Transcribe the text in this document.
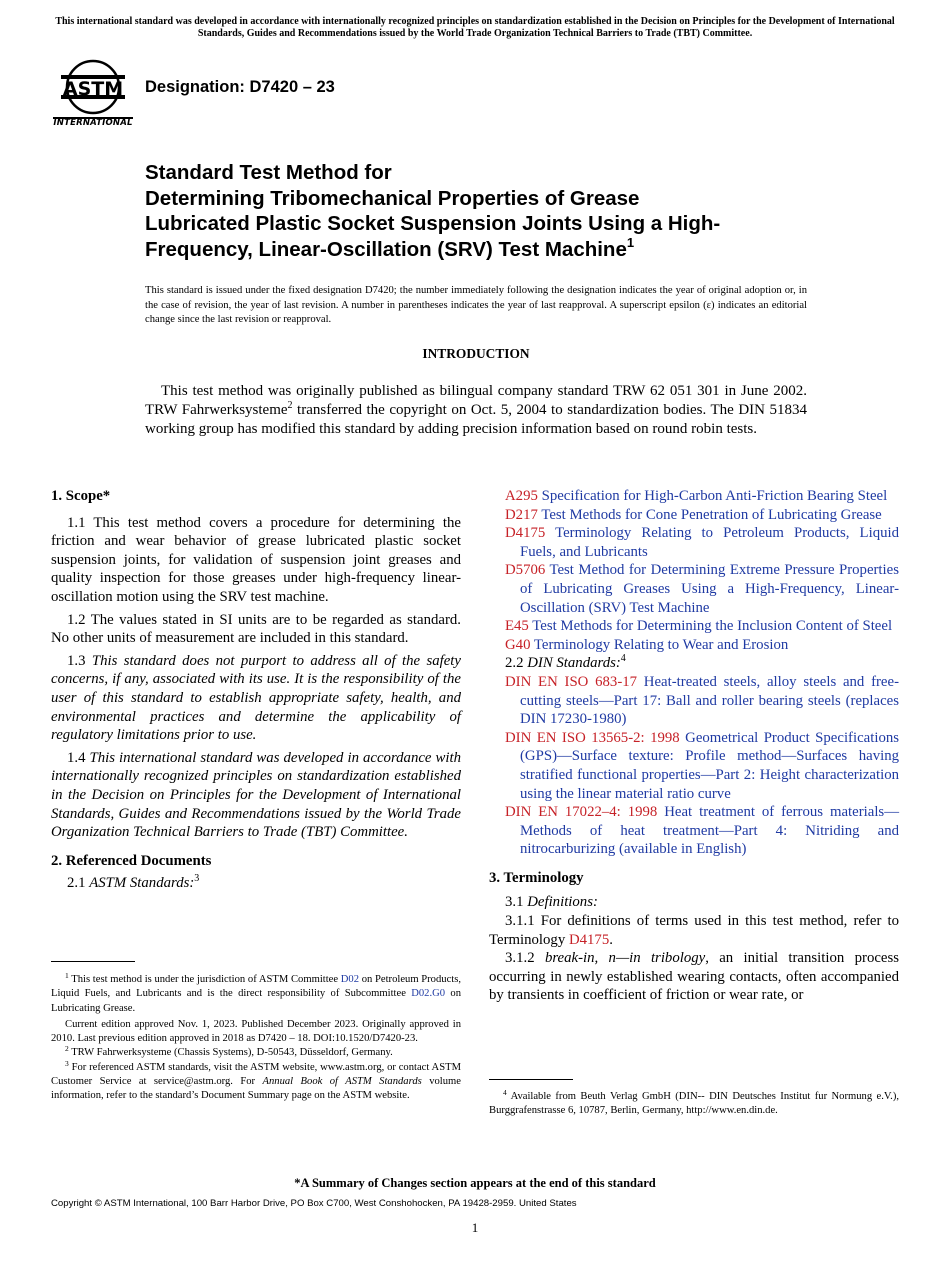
This international standard was developed in accordance with internationally recognized principles on standardization established in the Decision on Principles for the Development of International Standards, Guides and Recommendations issued by the World Trade Organization Technical Barriers to Trade (TBT) Committee.
ASTM
INTERNATIONAL
Designation: D7420 – 23
Standard Test Method for
Determining Tribomechanical Properties of Grease
Lubricated Plastic Socket Suspension Joints Using a High-
Frequency, Linear-Oscillation (SRV) Test Machine$^1$
This standard is issued under the fixed designation D7420; the number immediately following the designation indicates the year of original adoption or, in the case of revision, the year of last revision. A number in parentheses indicates the year of last reapproval. A superscript epsilon (ε) indicates an editorial change since the last revision or reapproval.
INTRODUCTION
This test method was originally published as bilingual company standard TRW 62 051 301 in June 2002. TRW Fahrwerksysteme$^2$ transferred the copyright on Oct. 5, 2004 to standardization bodies. The DIN 51834 working group has modified this standard by adding precision information based on round robin tests.
1. Scope*

1.1 This test method covers a procedure for determining the friction and wear behavior of grease lubricated plastic socket suspension joints, for validation of suspension joint greases and quality inspection for those greases under high-frequency linear-oscillation motion using the SRV test machine.

1.2 The values stated in SI units are to be regarded as standard. No other units of measurement are included in this standard.

1.3 This standard does not purport to address all of the safety concerns, if any, associated with its use. It is the responsibility of the user of this standard to establish appropriate safety, health, and environmental practices and determine the applicability of regulatory limitations prior to use.

1.4 This international standard was developed in accordance with internationally recognized principles on standardization established in the Decision on Principles for the Development of International Standards, Guides and Recommendations issued by the World Trade Organization Technical Barriers to Trade (TBT) Committee.

2. Referenced Documents

2.1 ASTM Standards:$^3$

$^1$ This test method is under the jurisdiction of ASTM Committee D02 on Petroleum Products, Liquid Fuels, and Lubricants and is the direct responsibility of Subcommittee D02.G0 on Lubricating Grease.

Current edition approved Nov. 1, 2023. Published December 2023. Originally approved in 2010. Last previous edition approved in 2018 as D7420 – 18. DOI:10.1520/D7420-23.

$^2$ TRW Fahrwerksysteme (Chassis Systems), D-50543, Düsseldorf, Germany.

$^3$ For referenced ASTM standards, visit the ASTM website, www.astm.org, or contact ASTM Customer Service at service@astm.org. For Annual Book of ASTM Standards volume information, refer to the standard’s Document Summary page on the ASTM website.

A295 Specification for High-Carbon Anti-Friction Bearing Steel

D217 Test Methods for Cone Penetration of Lubricating Grease

D4175 Terminology Relating to Petroleum Products, Liquid Fuels, and Lubricants

D5706 Test Method for Determining Extreme Pressure Properties of Lubricating Greases Using a High-Frequency, Linear-Oscillation (SRV) Test Machine

E45 Test Methods for Determining the Inclusion Content of Steel

G40 Terminology Relating to Wear and Erosion

2.2 DIN Standards:$^4$

DIN EN ISO 683-17 Heat-treated steels, alloy steels and free-cutting steels—Part 17: Ball and roller bearing steels (replaces DIN 17230-1980)

DIN EN ISO 13565-2: 1998 Geometrical Product Specifications (GPS)—Surface texture: Profile method—Surfaces having stratified functional properties—Part 2: Height characterization using the linear material ratio curve

DIN EN 17022–4: 1998 Heat treatment of ferrous materials—Methods of heat treatment—Part 4: Nitriding and nitrocarburizing (available in English)

3. Terminology

3.1 Definitions:

3.1.1 For definitions of terms used in this test method, refer to Terminology D4175.

3.1.2 break-in, n—in tribology, an initial transition process occurring in newly established wearing contacts, often accompanied by transients in coefficient of friction or wear rate, or

$^4$ Available from Beuth Verlag GmbH (DIN-- DIN Deutsches Institut fur Normung e.V.), Burggrafenstrasse 6, 10787, Berlin, Germany, http://www.en.din.de.

*A Summary of Changes section appears at the end of this standard
Copyright © ASTM International, 100 Barr Harbor Drive, PO Box C700, West Conshohocken, PA 19428-2959. United States
1
